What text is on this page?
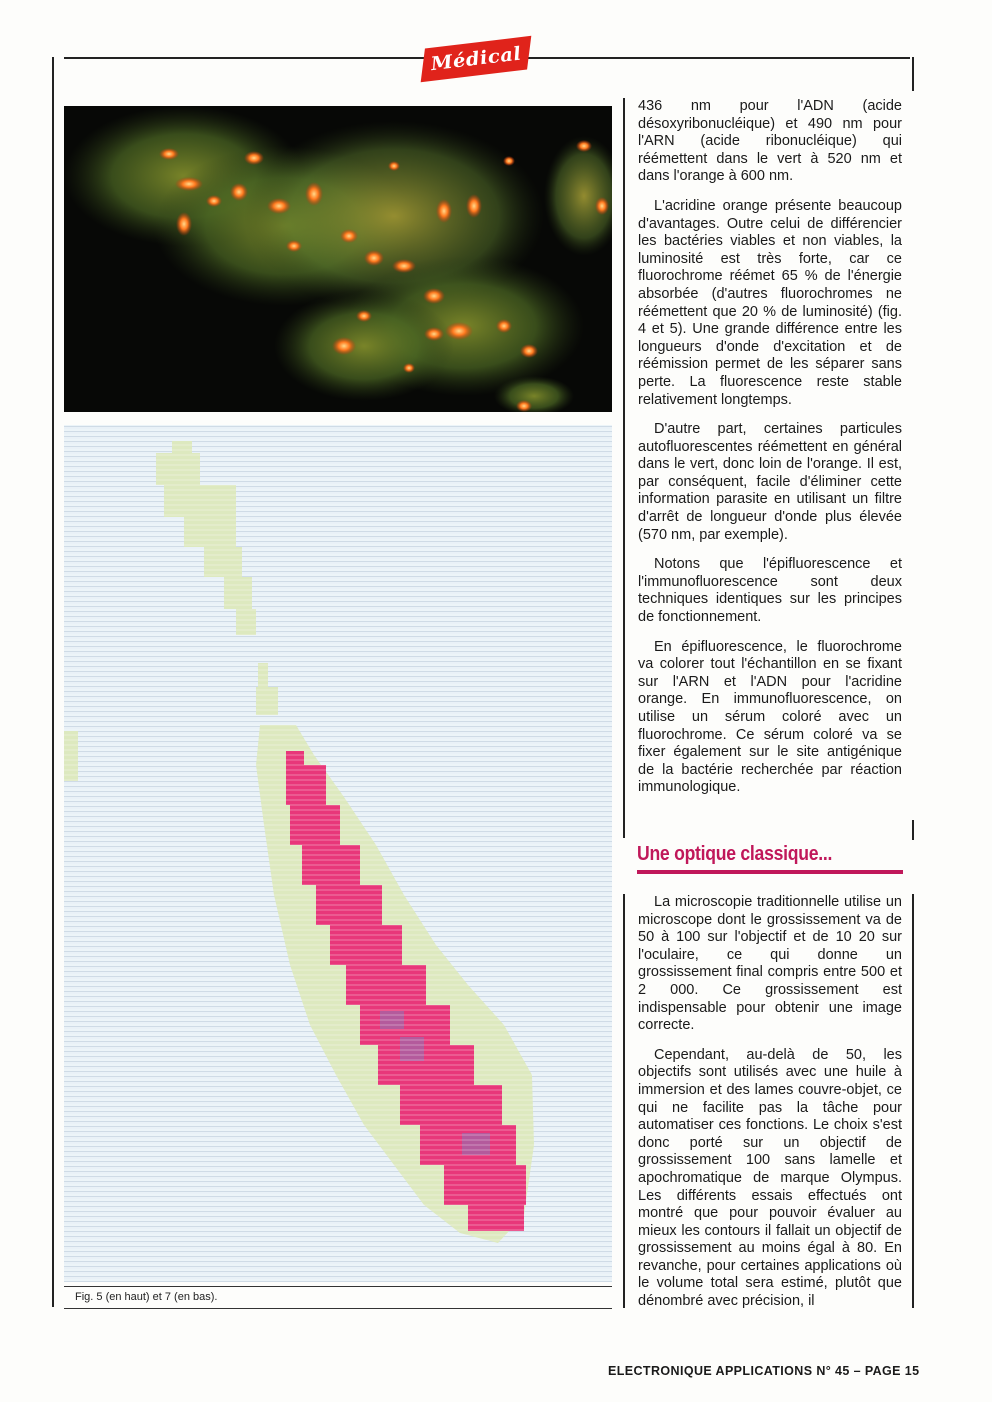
Médical
Fig. 5 (en haut) et 7 (en bas).

436 nm pour l'ADN (acide désoxyribonucléique) et 490 nm pour l'ARN (acide ribonucléique) qui réémettent dans le vert à 520 nm et dans l'orange à 600 nm.

L'acridine orange présente beaucoup d'avantages. Outre celui de différencier les bactéries viables et non viables, la luminosité est très forte, car ce fluorochrome réémet 65 % de l'énergie absorbée (d'autres fluorochromes ne réémettent que 20 % de luminosité) (fig. 4 et 5). Une grande différence entre les longueurs d'onde d'excitation et de réémission permet de les séparer sans perte. La fluorescence reste stable relativement longtemps.

D'autre part, certaines particules autofluorescentes réémettent en général dans le vert, donc loin de l'orange. Il est, par conséquent, facile d'éliminer cette information parasite en utilisant un filtre d'arrêt de longueur d'onde plus élevée (570 nm, par exemple).

Notons que l'épifluorescence et l'immunofluorescence sont deux techniques identiques sur les principes de fonctionnement.

En épifluorescence, le fluorochrome va colorer tout l'échantillon en se fixant sur l'ARN et l'ADN pour l'acridine orange. En immunofluorescence, on utilise un sérum coloré avec un fluorochrome. Ce sérum coloré va se fixer également sur le site antigénique de la bactérie recherchée par réaction immunologique.

Une optique classique...

La microscopie traditionnelle utilise un microscope dont le grossissement va de 50 à 100 sur l'objectif et de 10 20 sur l'oculaire, ce qui donne un grossissement final compris entre 500 et 2 000. Ce grossissement est indispensable pour obtenir une image correcte.

Cependant, au-delà de 50, les objectifs sont utilisés avec une huile à immersion et des lames couvre-objet, ce qui ne facilite pas la tâche pour automatiser ces fonctions. Le choix s'est donc porté sur un objectif de grossissement 100 sans lamelle et apochromatique de marque Olympus. Les différents essais effectués ont montré que pour pouvoir évaluer au mieux les contours il fallait un objectif de grossissement au moins égal à 80. En revanche, pour certaines applications où le volume total sera estimé, plutôt que dénombré avec précision, il

ELECTRONIQUE APPLICATIONS N° 45 – PAGE 15
